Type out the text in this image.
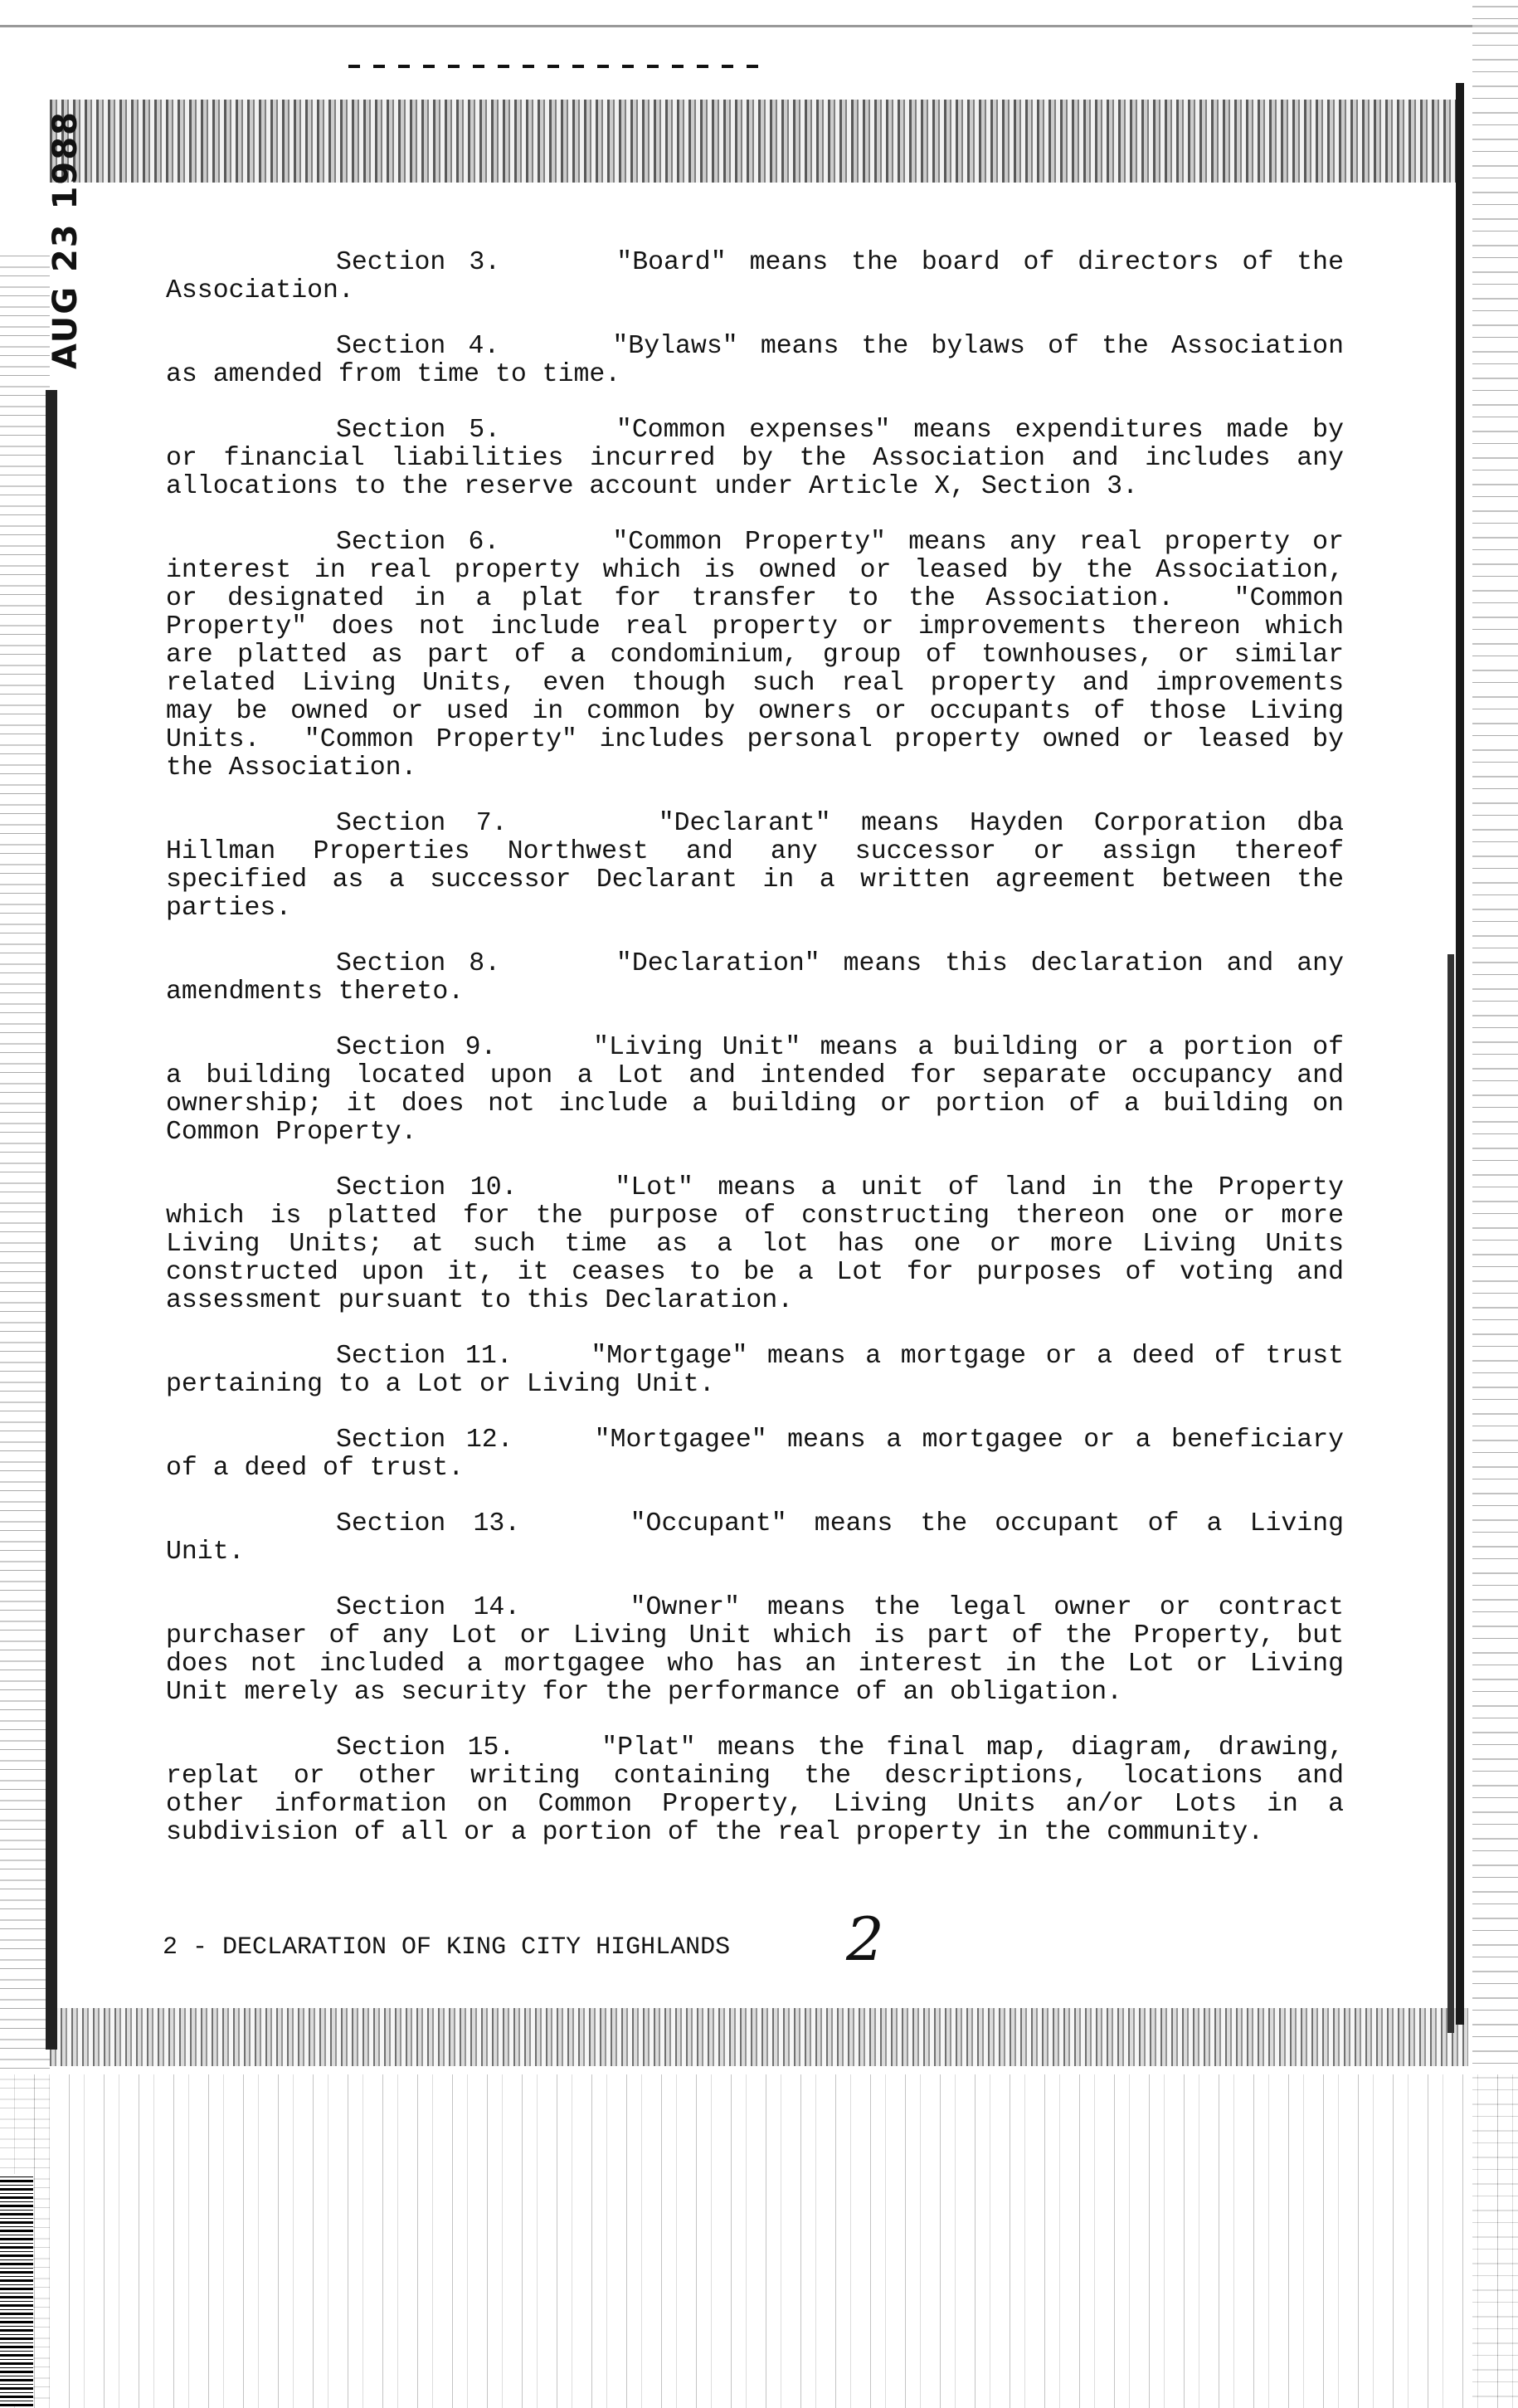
AUG 23 1988	Section 3.     "Board" means the board of directors of the
Association.
Section 4.     "Bylaws" means the bylaws of the Association
as amended from time to time.
Section 5.     "Common expenses" means expenditures made by
or financial liabilities incurred by the Association and includes any
allocations to the reserve account under Article X, Section 3.
Section 6.     "Common Property" means any real property or
interest in real property which is owned or leased by the Association,
or designated in a plat for transfer to the Association.  "Common
Property" does not include real property or improvements thereon which
are platted as part of a condominium, group of townhouses, or similar
related Living Units, even though such real property and improvements
may be owned or used in common by owners or occupants of those Living
Units.  "Common Property" includes personal property owned or leased by
the Association.
Section 7.     "Declarant" means Hayden Corporation dba
Hillman Properties Northwest and any successor or assign thereof
specified as a successor Declarant in a written agreement between the
parties.
Section 8.     "Declaration" means this declaration and any
amendments thereto.
Section 9.     "Living Unit" means a building or a portion of
a building located upon a Lot and intended for separate occupancy and
ownership; it does not include a building or portion of a building on
Common Property.
Section 10.    "Lot" means a unit of land in the Property
which is platted for the purpose of constructing thereon one or more
Living Units; at such time as a lot has one or more Living Units
constructed upon it, it ceases to be a Lot for purposes of voting and
assessment pursuant to this Declaration.
Section 11.    "Mortgage" means a mortgage or a deed of trust
pertaining to a Lot or Living Unit.
Section 12.    "Mortgagee" means a mortgagee or a beneficiary
of a deed of trust.
Section 13.    "Occupant" means the occupant of a Living
Unit.
Section 14.    "Owner" means the legal owner or contract
purchaser of any Lot or Living Unit which is part of the Property, but
does not included a mortgagee who has an interest in the Lot or Living
Unit merely as security for the performance of an obligation.
Section 15.    "Plat" means the final map, diagram, drawing,
replat or other writing containing the descriptions, locations and
other information on Common Property, Living Units an/or Lots in a
subdivision of all or a portion of the real property in the community.
2 - DECLARATION OF KING CITY HIGHLANDS 2
